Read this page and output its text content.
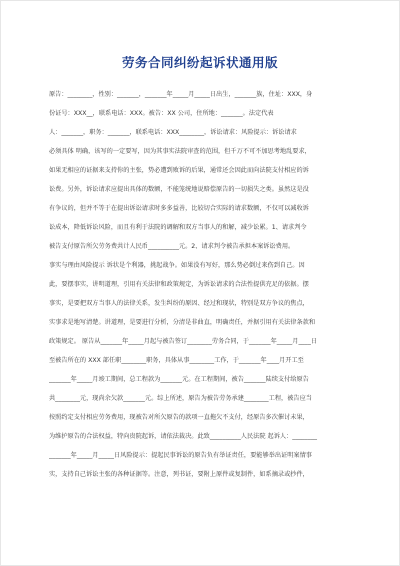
劳务合同纠纷起诉状通用版
原告：________，性别：_______，_______年_____月_____日出生，_______族，住址：XXX，身
份证号：XXX__，联系电话：XXX。被告：XX 公司，住所地：_______。法定代表
人：_______，职务：_______，联系电话：XXX________，诉讼请求：风险提示：诉讼请求
必须具体 明确，该写的一定要写，因为其事实法院审查的范围，但千万不可不加思考地乱要求，
如果无相应的证据来支持你的主张，势必遭到败诉的后果，通常还会因此而向法院支付相应的诉
讼费。另外，诉讼请求应提出具体的数额，不能笼统地说赔偿原告的一切损失之类。虽然这是没
有争议的，但并不等于在提出诉讼请求时多多益善，比较切合实际的请求数额，不仅可以减收诉
讼成本，降低诉讼风险，而且有利于法院的调解和双方当事人的和解，减少讼累。1、请求判令
被告支付原告所欠劳务费共计人民币__________元。2、请求判令被告承担本案诉讼费用。
事实与理由风险提示 诉状是个利器，挑起战争。如果没有写好，那么势必倒过来伤到自己。因
此，要摆事实，讲明道理，引用有关法律和政策规定，为诉讼请求的合法性提供充足的依据。摆
事实，是要把双方当事人的法律关系，发生纠纷的原因、经过和现状，特别是双方争议的焦点，
实事求是地写清楚。讲道理，是要进行分析，分清是非曲直，明确责任，并据引用有关法律条款和
政策规定。 原告从_______年_____月起与被告签订________劳务合同，于_______年_____月____日
至被告所在的 XXX 部任职________职务，具体从事________工作，于_______年____月开工至
_______年_____月竣工期间，总工程款为_______元。在工程期间，被告_______陆续支付给原告
共________元，现尚余欠款_______元。综上所述，原告为被告劳务承建________工程，被告应当
按照约定支付相应劳务费用，现被告对所欠原告的款项一直拖欠不支付，经原告多次催讨未果，
为维护原告的合法权益，特向贵院起诉，请依法裁决。此致__________人民法院 起诉人：________
_______年_____月_____日风险提示：提起民事诉讼的原告负有举证责任，要能够举出证明案情事
实，支持自己诉讼主张的各种证据等。注意，列书证，要附上原件或复制件，如系摘录或抄件，
